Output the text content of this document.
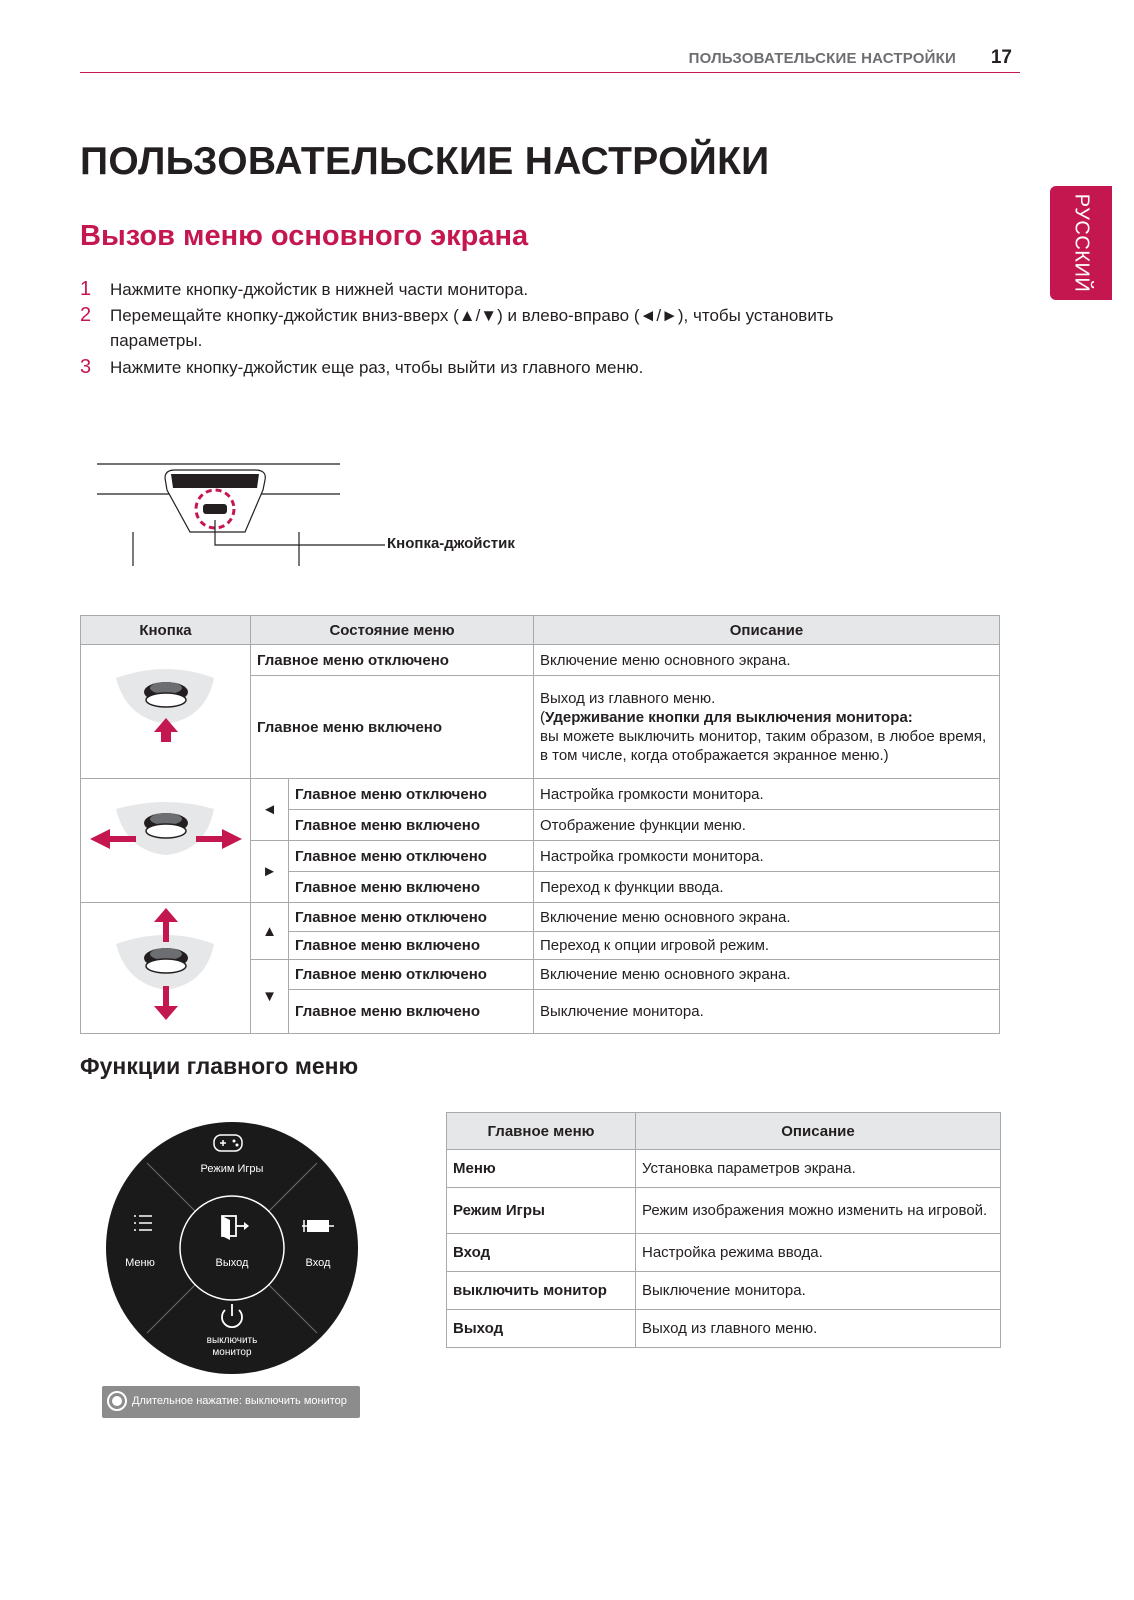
ПОЛЬЗОВАТЕЛЬСКИЕ НАСТРОЙКИ 17
РУССКИЙ
ПОЛЬЗОВАТЕЛЬСКИЕ НАСТРОЙКИ
Вызов меню основного экрана
1 Нажмите кнопку-джойстик в нижней части монитора.
2 Перемещайте кнопку-джойстик вниз-вверх (▲/▼) и влево-вправо (◄/►), чтобы установить
параметры.
3 Нажмите кнопку-джойстик еще раз, чтобы выйти из главного меню.
Кнопка-джойстик
Кнопка	Состояние меню		Описание
	Главное меню отключено		Включение меню основного экрана.
	Главное меню включено		Выход из главного меню.
(Удерживание кнопки для выключения монитора:
вы можете выключить монитор, таким образом, в любое время, в том числе, когда отображается экранное меню.)
	◄	Главное меню отключено	Настройка громкости монитора.
		Главное меню включено	Отображение функции меню.
	►	Главное меню отключено	Настройка громкости монитора.
		Главное меню включено	Переход к функции ввода.
	▲	Главное меню отключено	Включение меню основного экрана.
		Главное меню включено	Переход к опции игровой режим.
	▼	Главное меню отключено	Включение меню основного экрана.
		Главное меню включено	Выключение монитора.
Функции главного меню
Режим Игры
Меню	Выход	Вход
выключить
монитор
Длительное нажатие: выключить монитор
Главное меню	Описание
Меню	Установка параметров экрана.
Режим Игры	Режим изображения можно изменить на игровой.
Вход	Настройка режима ввода.
выключить монитор	Выключение монитора.
Выход	Выход из главного меню.
